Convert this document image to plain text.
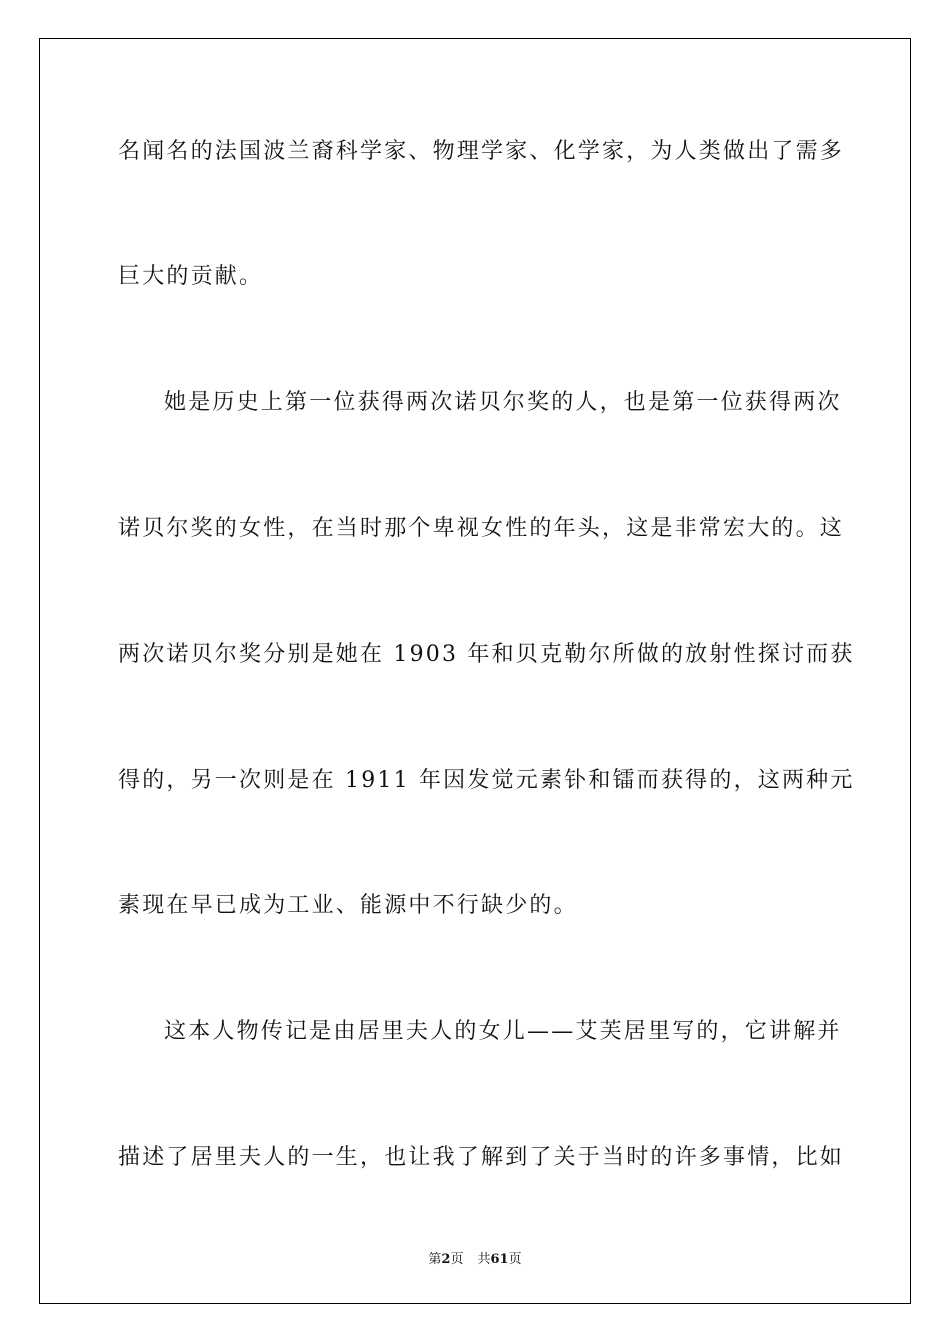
名闻名的法国波兰裔科学家、物理学家、化学家，为人类做出了需多
巨大的贡献。
她是历史上第一位获得两次诺贝尔奖的人，也是第一位获得两次
诺贝尔奖的女性，在当时那个卑视女性的年头，这是非常宏大的。这
两次诺贝尔奖分别是她在 1903 年和贝克勒尔所做的放射性探讨而获
得的，另一次则是在 1911 年因发觉元素钋和镭而获得的，这两种元
素现在早已成为工业、能源中不行缺少的。
这本人物传记是由居里夫人的女儿——艾芙居里写的，它讲解并
描述了居里夫人的一生，也让我了解到了关于当时的许多事情，比如
第2页 共61页
